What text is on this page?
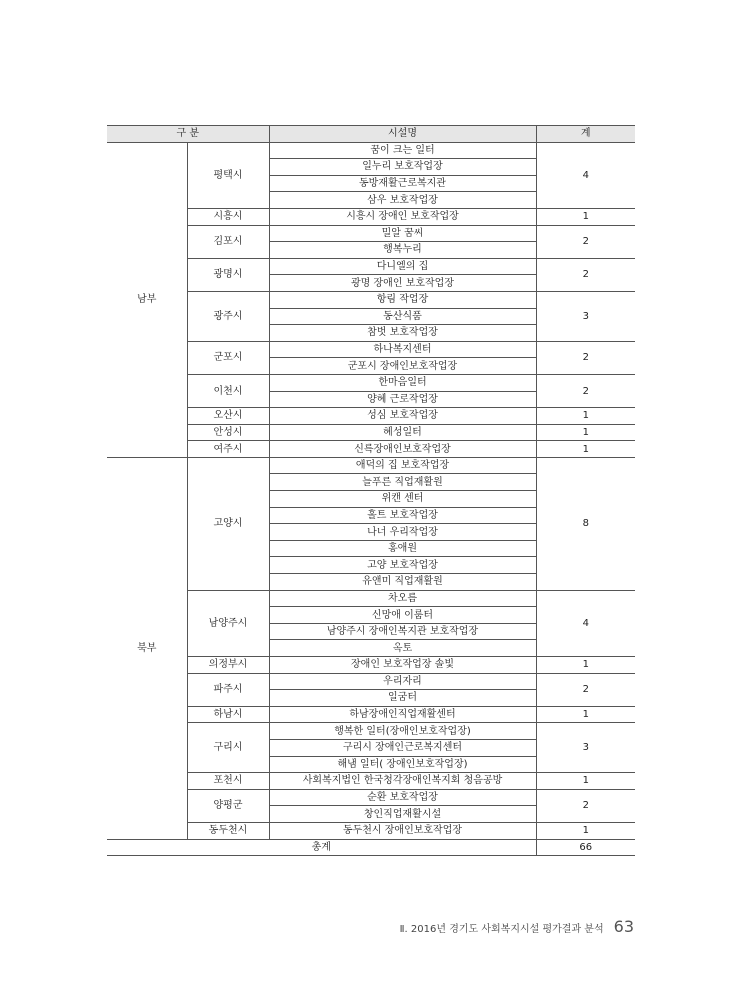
구 분		시설명	계
남부	평택시	꿈이 크는 일터	4
		일누리 보호작업장	
		동방재활근로복지관	
		삼우 보호작업장	
	시흥시	시흥시 장애인 보호작업장	1
	김포시	밀알 꿈씨	2
		행복누리	
	광명시	다니엘의 집	2
		광명 장애인 보호작업장	
	광주시	항림 작업장	3
		동산식품	
		참벗 보호작업장	
	군포시	하나복지센터	2
		군포시 장애인보호작업장	
	이천시	한마음일터	2
		양혜 근로작업장	
	오산시	성심 보호작업장	1
	안성시	혜성일터	1
	여주시	신륵장애인보호작업장	1
북부	고양시	애덕의 집 보호작업장	8
		늘푸른 직업재활원	
		위캔 센터	
		홀트 보호작업장	
		나너 우리작업장	
		홍애원	
		고양 보호작업장	
		유앤미 직업재활원	
	남양주시	차오름	4
		신망애 이룸터	
		남양주시 장애인복지관 보호작업장	
		옥토	
	의정부시	장애인 보호작업장 솔빛	1
	파주시	우리자리	2
		일굼터	
	하남시	하남장애인직업재활센터	1
	구리시	행복한 일터(장애인보호작업장)	3
		구리시 장애인근로복지센터	
		해냄 일터( 장애인보호작업장)	
	포천시	사회복지법인 한국청각장애인복지회 청음공방	1
	양평군	순환 보호작업장	2
		창인직업재활시설	
	동두천시	동두천시 장애인보호작업장	1
총계			66
Ⅱ. 2016년 경기도 사회복지시설 평가결과 분석 63
